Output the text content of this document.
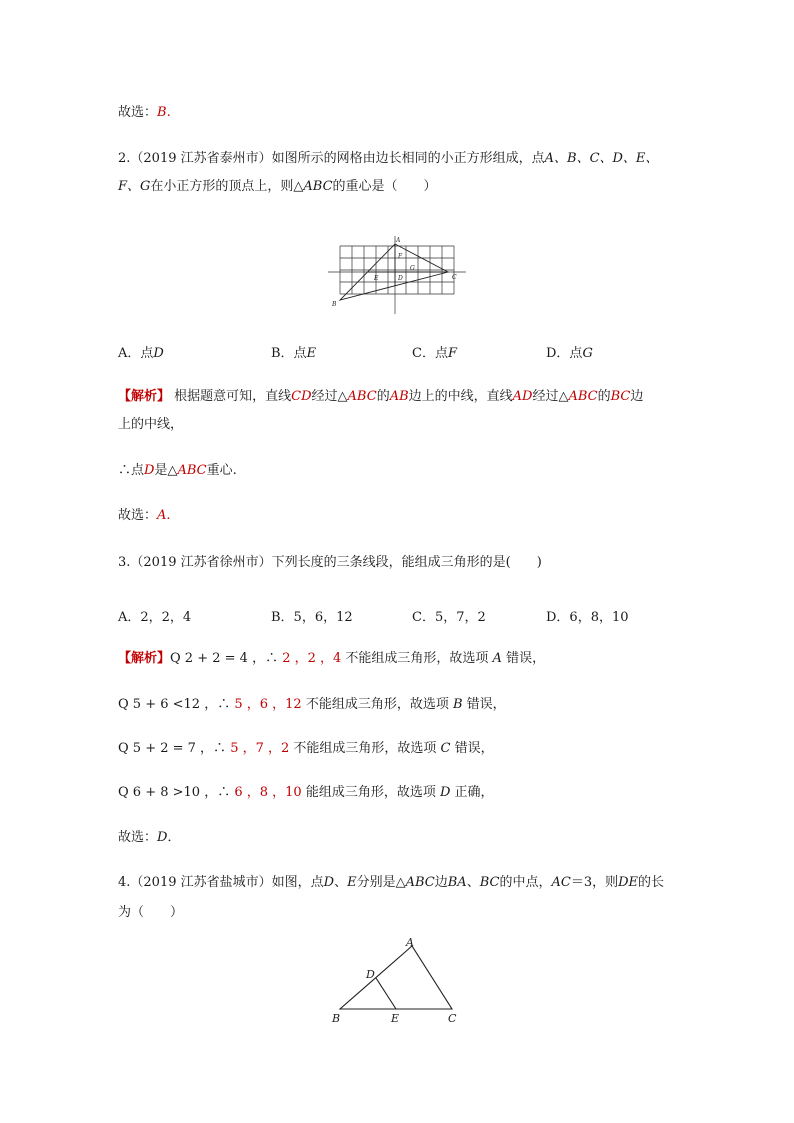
故选：B.
2.（2019 江苏省泰州市）如图所示的网格由边长相同的小正方形组成，点A、B、C、D、E、
F、G在小正方形的顶点上，则△ABC的重心是（　　）
A
B
C
D
E
F
G
A．点D	B．点E	C．点F	D．点G
【解析】 根据题意可知，直线CD经过△ABC的AB边上的中线，直线AD经过△ABC的BC边
上的中线，
∴点D是△ABC重心.
故选：A.
3.（2019 江苏省徐州市）下列长度的三条线段，能组成三角形的是(　　)
A．2，2，4	B．5，6，12	C．5，7，2	D．6，8，10
【解析】Q 2 + 2 = 4 ，∴ 2 ，2 ，4 不能组成三角形，故选项 A 错误，
Q 5 + 6 <12 ，∴ 5 ，6 ，12 不能组成三角形，故选项 B 错误，
Q 5 + 2 = 7 ，∴ 5 ，7 ，2 不能组成三角形，故选项 C 错误，
Q 6 + 8 >10 ，∴ 6 ，8 ，10 能组成三角形，故选项 D 正确，
故选：D．
4.（2019 江苏省盐城市）如图，点D、E分别是△ABC边BA、BC的中点，AC＝3，则DE的长
为（　　）
A
B	C
D
E
